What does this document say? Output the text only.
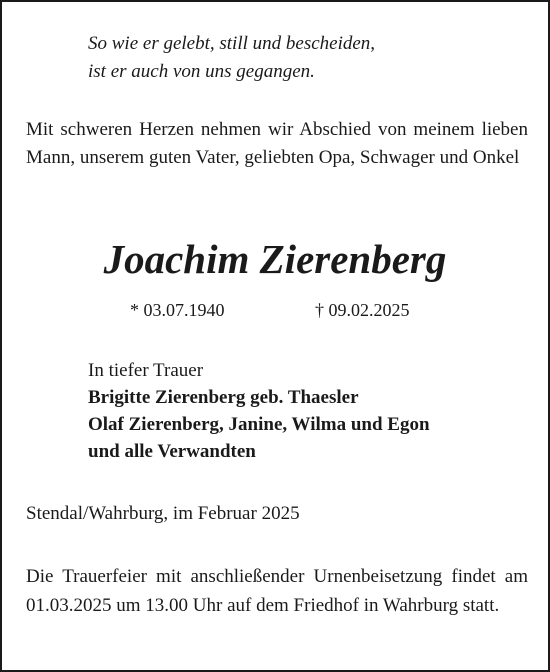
So wie er gelebt, still und bescheiden,
ist er auch von uns gegangen.
Mit schweren Herzen nehmen wir Abschied von meinem lieben Mann, unserem guten Vater, geliebten Opa, Schwager und Onkel
Joachim Zierenberg
* 03.07.1940	† 09.02.2025
In tiefer Trauer
Brigitte Zierenberg geb. Thaesler
Olaf Zierenberg, Janine, Wilma und Egon
und alle Verwandten
Stendal/Wahrburg, im Februar 2025
Die Trauerfeier mit anschließender Urnenbeisetzung findet am 01.03.2025 um 13.00 Uhr auf dem Friedhof in Wahrburg statt.
